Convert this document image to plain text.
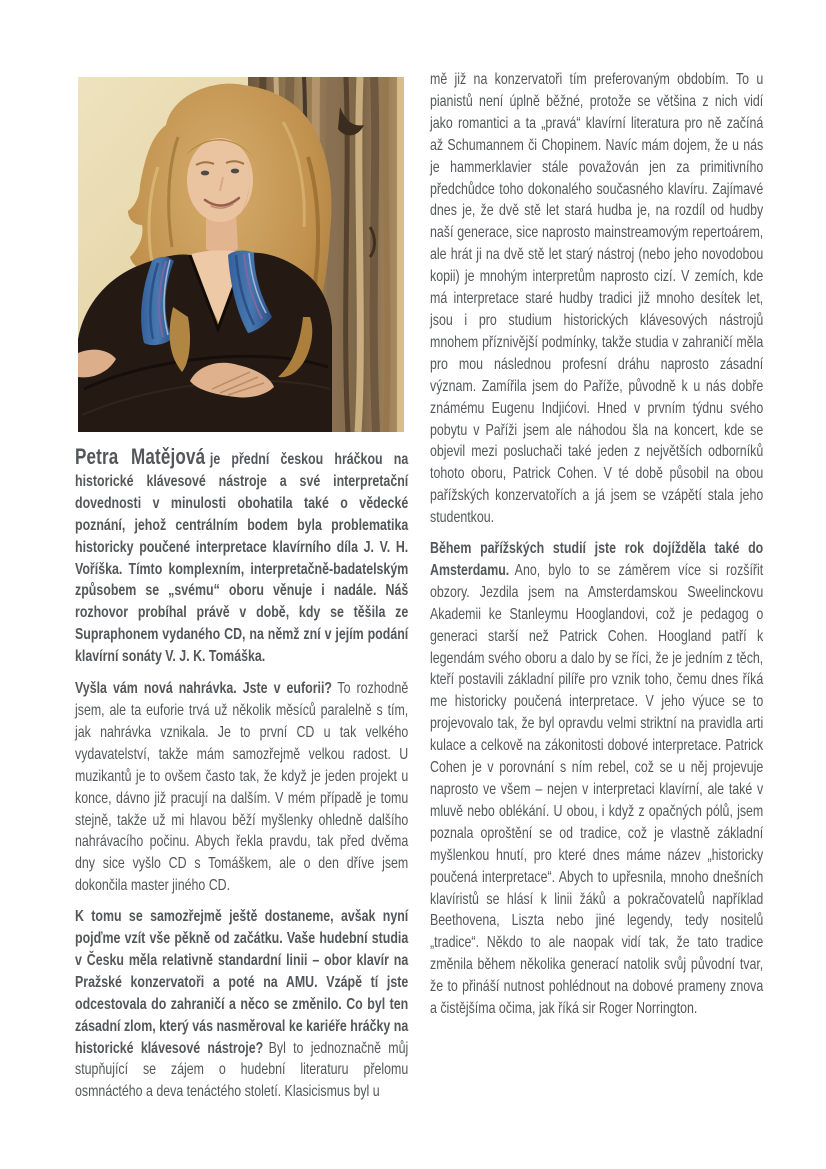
Petra Matějová je přední českou hráčkou na historické klávesové nástroje a své interpretační dovednosti v minulosti obohatila také o vědecké poznání, jehož centrálním bodem byla problematika historicky poučené interpretace klavírního díla J. V. H. Voříška. Tímto komplexním, interpretačně-badatelským způsobem se „svému“ oboru věnuje i nadále. Náš rozhovor probíhal právě v době, kdy se těšila ze Supraphonem vydaného CD, na němž zní v jejím podání klavírní sonáty V. J. K. Tomáška.

Vyšla vám nová nahrávka. Jste v euforii? To rozhodně jsem, ale ta euforie trvá už několik měsíců paralelně s tím, jak nahrávka vznikala. Je to první CD u tak velkého vydavatelství, takže mám samozřejmě velkou radost. U muzikantů je to ovšem často tak, že když je jeden projekt u konce, dávno již pracují na dalším. V mém případě je tomu stejně, takže už mi hlavou běží myšlenky ohledně dalšího nahrávacího počinu. Abych řekla pravdu, tak před dvěma dny sice vyšlo CD s Tomáškem, ale o den dříve jsem dokončila master jiného CD.

K tomu se samozřejmě ještě dostaneme, avšak nyní pojďme vzít vše pěkně od začátku. Vaše hudební studia v Česku měla relativně standardní linii – obor klavír na Pražské konzervatoři a poté na AMU. Vzápě tí jste odcestovala do zahraničí a něco se změnilo. Co byl ten zásadní zlom, který vás nasměroval ke kariéře hráčky na historické klávesové nástroje? Byl to jednoznačně můj stupňující se zájem o hudební literaturu přelomu osmnáctého a deva tenáctého století. Klasicismus byl u

mě již na konzervatoři tím preferovaným obdobím. To u pianistů není úplně běžné, protože se většina z nich vidí jako romantici a ta „pravá“ klavírní literatura pro ně začíná až Schumannem či Chopinem. Navíc mám dojem, že u nás je hammerklavier stále považován jen za primitivního předchůdce toho dokonalého současného klavíru. Zajímavé dnes je, že dvě stě let stará hudba je, na rozdíl od hudby naší generace, sice naprosto mainstreamovým repertoárem, ale hrát ji na dvě stě let starý nástroj (nebo jeho novodobou kopii) je mnohým interpretům naprosto cizí. V zemích, kde má interpretace staré hudby tradici již mnoho desítek let, jsou i pro studium historických klávesových nástrojů mnohem příznivější podmínky, takže studia v zahraničí měla pro mou následnou profesní dráhu naprosto zásadní význam. Zamířila jsem do Paříže, původně k u nás dobře známému Eugenu Indjićovi. Hned v prvním týdnu svého pobytu v Paříži jsem ale náhodou šla na koncert, kde se objevil mezi posluchači také jeden z největších odborníků tohoto oboru, Patrick Cohen. V té době působil na obou pařížských konzervatořích a já jsem se vzápětí stala jeho studentkou.

Během pařížských studií jste rok dojížděla také do Amsterdamu. Ano, bylo to se záměrem více si rozšířit obzory. Jezdila jsem na Amsterdamskou Sweelinckovu Akademii ke Stanleymu Hooglandovi, což je pedagog o generaci starší než Patrick Cohen. Hoogland patří k legendám svého oboru a dalo by se říci, že je jedním z těch, kteří postavili základní pilíře pro vznik toho, čemu dnes říká me historicky poučená interpretace. V jeho výuce se to projevovalo tak, že byl opravdu velmi striktní na pravidla arti kulace a celkově na zákonitosti dobové interpretace. Patrick Cohen je v porovnání s ním rebel, což se u něj projevuje naprosto ve všem – nejen v interpretaci klavírní, ale také v mluvě nebo oblékání. U obou, i když z opačných pólů, jsem poznala oproštění se od tradice, což je vlastně základní myšlenkou hnutí, pro které dnes máme název „historicky poučená interpretace“. Abych to upřesnila, mnoho dnešních klavíristů se hlásí k linii žáků a pokračovatelů například Beethovena, Liszta nebo jiné legendy, tedy nositelů „tradice“. Někdo to ale naopak vidí tak, že tato tradice změnila během několika generací natolik svůj původní tvar, že to přináší nutnost pohlédnout na dobové prameny znova a čistějšíma očima, jak říká sir Roger Norrington.
